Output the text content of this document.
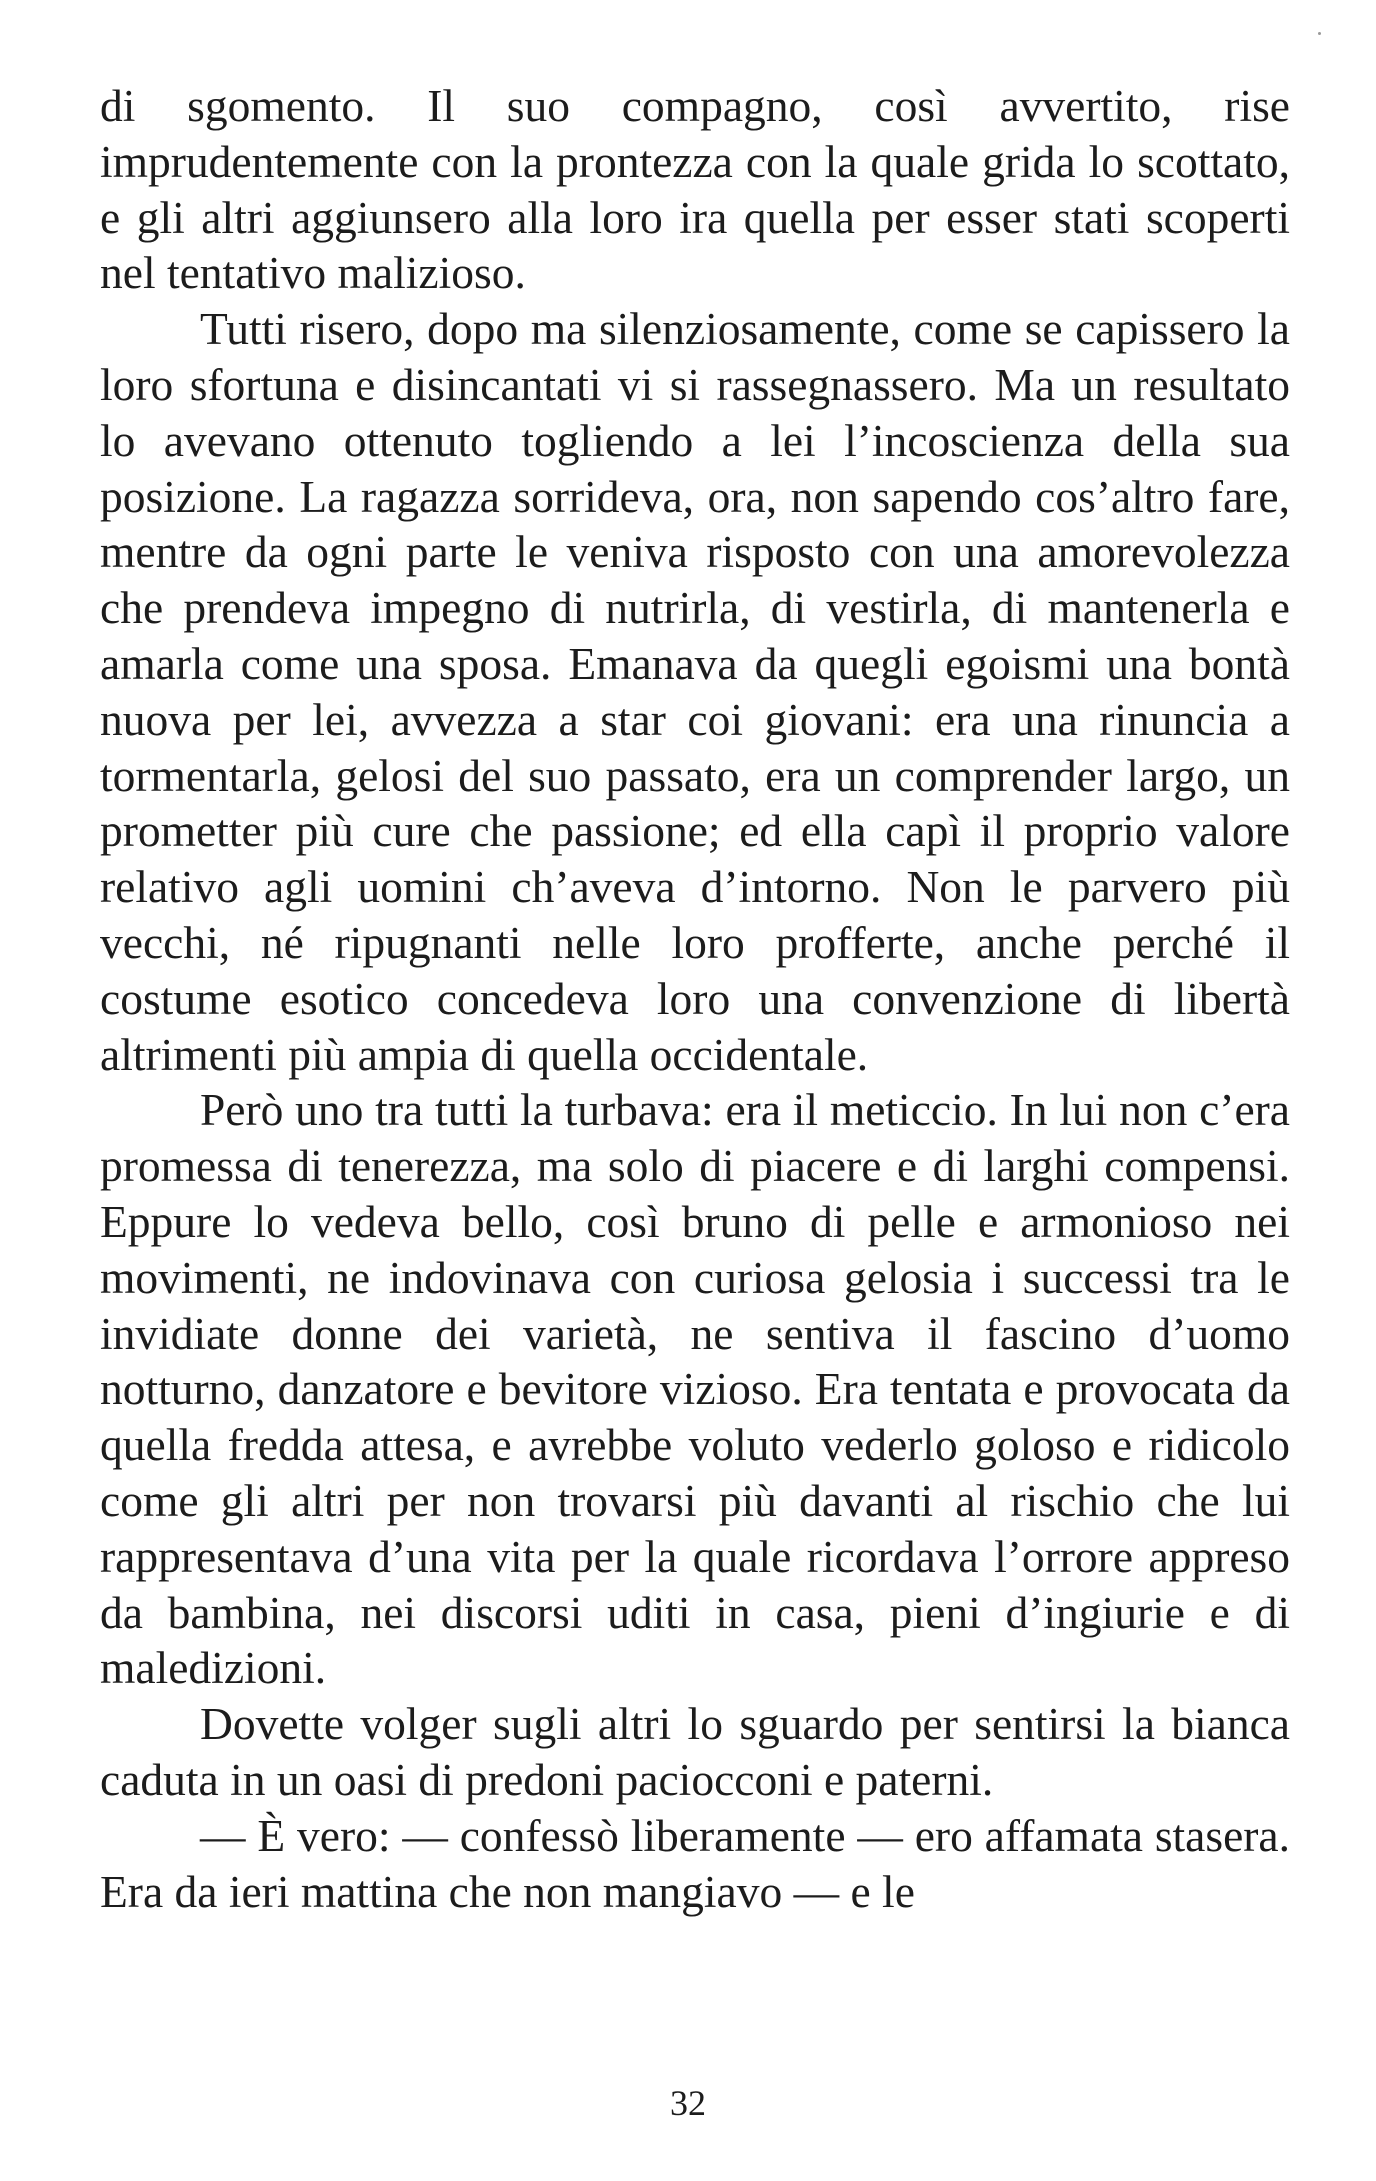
di sgomento. Il suo compagno, così avvertito, rise imprudentemente con la prontezza con la quale grida lo scottato, e gli altri aggiunsero alla loro ira quella per esser stati scoperti nel tentativo malizioso.

Tutti risero, dopo ma silenziosamente, come se capissero la loro sfortuna e disincantati vi si rassegnassero. Ma un resultato lo avevano ottenuto togliendo a lei l’incoscienza della sua posizione. La ragazza sorrideva, ora, non sapendo cos’altro fare, mentre da ogni parte le veniva risposto con una amorevolezza che prendeva impegno di nutrirla, di vestirla, di mantenerla e amarla come una sposa. Emanava da quegli egoismi una bontà nuova per lei, avvezza a star coi giovani: era una rinuncia a tormentarla, gelosi del suo passato, era un comprender largo, un prometter più cure che passione; ed ella capì il proprio valore relativo agli uomini ch’aveva d’intorno. Non le parvero più vecchi, né ripugnanti nelle loro profferte, anche perché il costume esotico concedeva loro una convenzione di libertà altrimenti più ampia di quella occidentale.

Però uno tra tutti la turbava: era il meticcio. In lui non c’era promessa di tenerezza, ma solo di piacere e di larghi compensi. Eppure lo vedeva bello, così bruno di pelle e armonioso nei movimenti, ne indovinava con curiosa gelosia i successi tra le invidiate donne dei varietà, ne sentiva il fascino d’uomo notturno, danzatore e bevitore vizioso. Era tentata e provocata da quella fredda attesa, e avrebbe voluto vederlo goloso e ridicolo come gli altri per non trovarsi più davanti al rischio che lui rappresentava d’una vita per la quale ricordava l’orrore appreso da bambina, nei discorsi uditi in casa, pieni d’ingiurie e di maledizioni.

Dovette volger sugli altri lo sguardo per sentirsi la bianca caduta in un oasi di predoni paciocconi e paterni.

— È vero: — confessò liberamente — ero affamata stasera. Era da ieri mattina che non mangiavo — e le

32
